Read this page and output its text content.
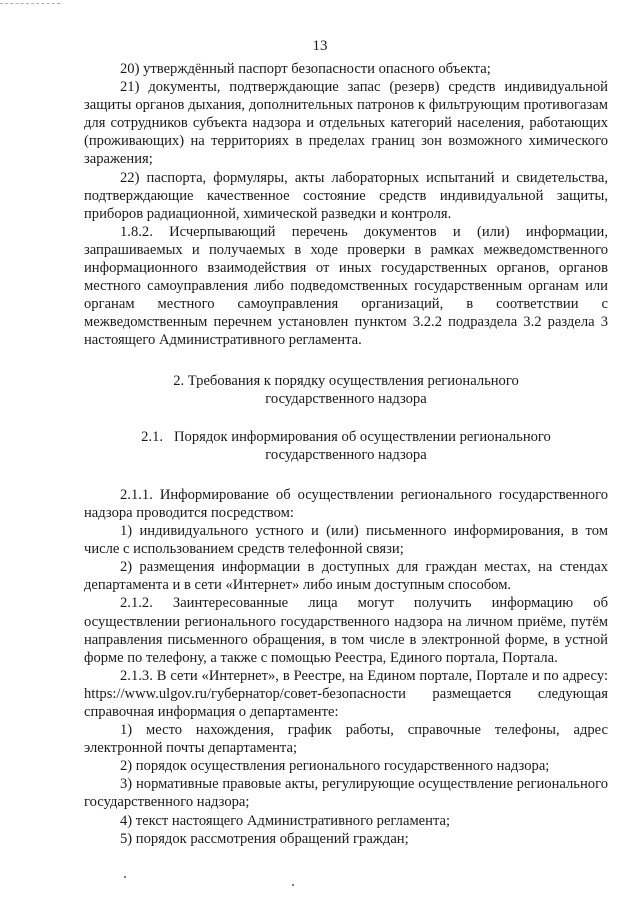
13

20) утверждённый паспорт безопасности опасного объекта;

21) документы, подтверждающие запас (резерв) средств индивидуальной защиты органов дыхания, дополнительных патронов к фильтрующим противогазам для сотрудников субъекта надзора и отдельных категорий населения, работающих (проживающих) на территориях в пределах границ зон возможного химического заражения;

22) паспорта, формуляры, акты лабораторных испытаний и свидетельства, подтверждающие качественное состояние средств индивидуальной защиты, приборов радиационной, химической разведки и контроля.

1.8.2. Исчерпывающий перечень документов и (или) информации, запрашиваемых и получаемых в ходе проверки в рамках межведомственного информационного взаимодействия от иных государственных органов, органов местного самоуправления либо подведомственных государственным органам или органам местного самоуправления организаций, в соответствии с межведомственным перечнем установлен пунктом 3.2.2 подраздела 3.2 раздела 3 настоящего Административного регламента.

2. Требования к порядку осуществления регионального
государственного надзора
2.1.   Порядок информирования об осуществлении регионального
государственного надзора

2.1.1. Информирование об осуществлении регионального государственного надзора проводится посредством:

1) индивидуального устного и (или) письменного информирования, в том числе с использованием средств телефонной связи;

2) размещения информации в доступных для граждан местах, на стендах департамента и в сети «Интернет» либо иным доступным способом.

2.1.2. Заинтересованные лица могут получить информацию об осуществлении регионального государственного надзора на личном приёме, путём направления письменного обращения, в том числе в электронной форме, в устной форме по телефону, а также с помощью Реестра, Единого портала, Портала.

2.1.3. В сети «Интернет», в Реестре, на Едином портале, Портале и по адресу: https://www.ulgov.ru/губернатор/совет-безопасности размещается следующая справочная информация о департаменте:

1) место нахождения, график работы, справочные телефоны, адрес электронной почты департамента;

2) порядок осуществления регионального государственного надзора;

3) нормативные правовые акты, регулирующие осуществление регионального государственного надзора;

4) текст настоящего Административного регламента;

5) порядок рассмотрения обращений граждан;
